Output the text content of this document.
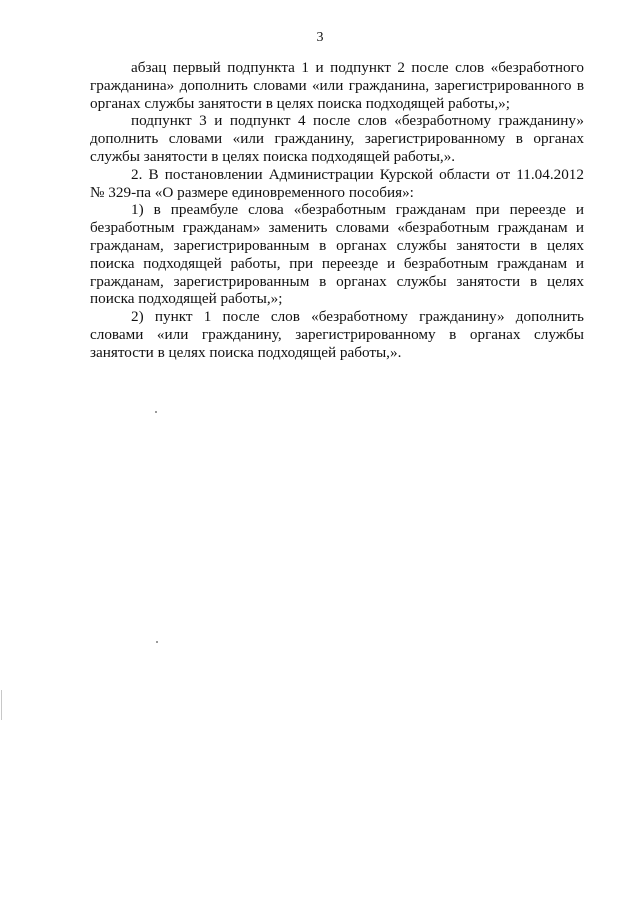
3

абзац первый подпункта 1 и подпункт 2 после слов «безработного гражданина» дополнить словами «или гражданина, зарегистрированного в органах службы занятости в целях поиска подходящей работы,»;

подпункт 3 и подпункт 4 после слов «безработному гражданину» дополнить словами «или гражданину, зарегистрированному в органах службы занятости в целях поиска подходящей работы,».

2. В постановлении Администрации Курской области от 11.04.2012 № 329-па «О размере единовременного пособия»:

1) в преамбуле слова «безработным гражданам при переезде и безработным гражданам» заменить словами «безработным гражданам и гражданам, зарегистрированным в органах службы занятости в целях поиска подходящей работы, при переезде и безработным гражданам и гражданам, зарегистрированным в органах службы занятости в целях поиска подходящей работы,»;

2) пункт 1 после слов «безработному гражданину» дополнить словами «или гражданину, зарегистрированному в органах службы занятости в целях поиска подходящей работы,».
